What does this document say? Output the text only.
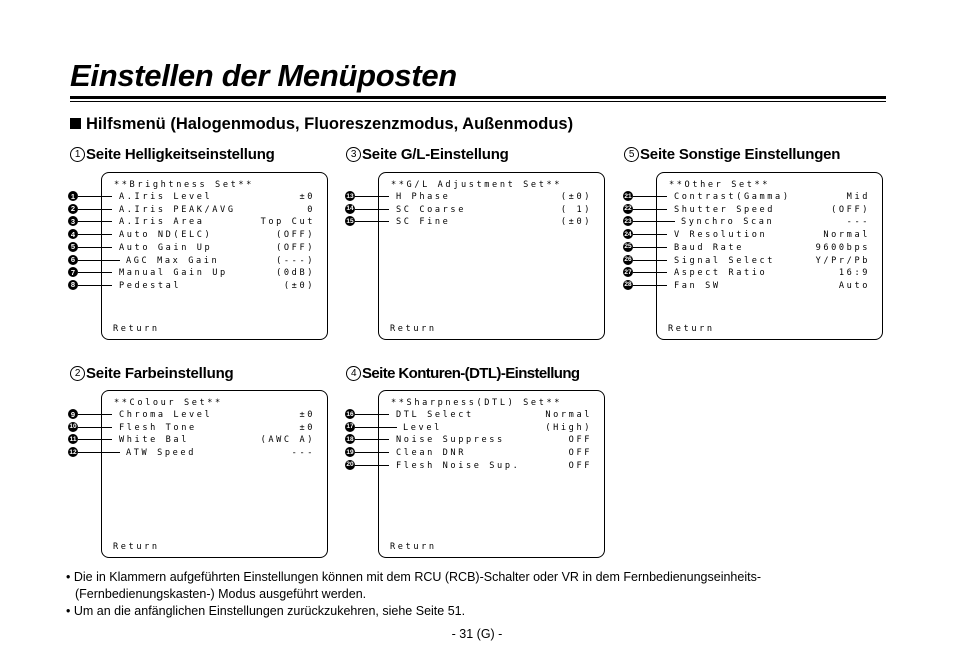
Einstellen der Menüposten
Hilfsmenü (Halogenmodus, Fluoreszenzmodus, Außenmodus)
1 Seite Helligkeitseinstellung	3 Seite G/L-Einstellung	5 Seite Sonstige Einstellungen
2 Seite Farbeinstellung	4 Seite Konturen-(DTL)-Einstellung
**Brightness Set**
A.Iris Level	±0
A.Iris PEAK/AVG	0
A.Iris Area	Top Cut
Auto ND(ELC)	(OFF)
Auto Gain Up	(OFF)
AGC Max Gain	(---)
Manual Gain Up	(0dB)
Pedestal	(±0)
Return
**G/L Adjustment Set**
H Phase	(±0)
SC Coarse	( 1)
SC Fine	(±0)
Return
**Other Set**
Contrast(Gamma)	Mid
Shutter Speed	(OFF)
Synchro Scan	---
V Resolution	Normal
Baud Rate	9600bps
Signal Select	Y/Pr/Pb
Aspect Ratio	16:9
Fan SW	Auto
Return
**Colour Set**
Chroma Level	±0
Flesh Tone	±0
White Bal	(AWC A)
ATW Speed	---
Return
**Sharpness(DTL) Set**
DTL Select	Normal
Level	(High)
Noise Suppress	OFF
Clean DNR	OFF
Flesh Noise Sup.	OFF
Return

• Die in Klammern aufgeführten Einstellungen können mit dem RCU (RCB)-Schalter oder VR in dem Fernbedienungseinheits-

(Fernbedienungskasten-) Modus ausgeführt werden.

• Um an die anfänglichen Einstellungen zurückzukehren, siehe Seite 51.

- 31 (G) -
1
2
3
4
5
6
7
8
13
14
15
21
22
23
24
25
26
27
28
9
10
11
12
16
17
18
19
20
